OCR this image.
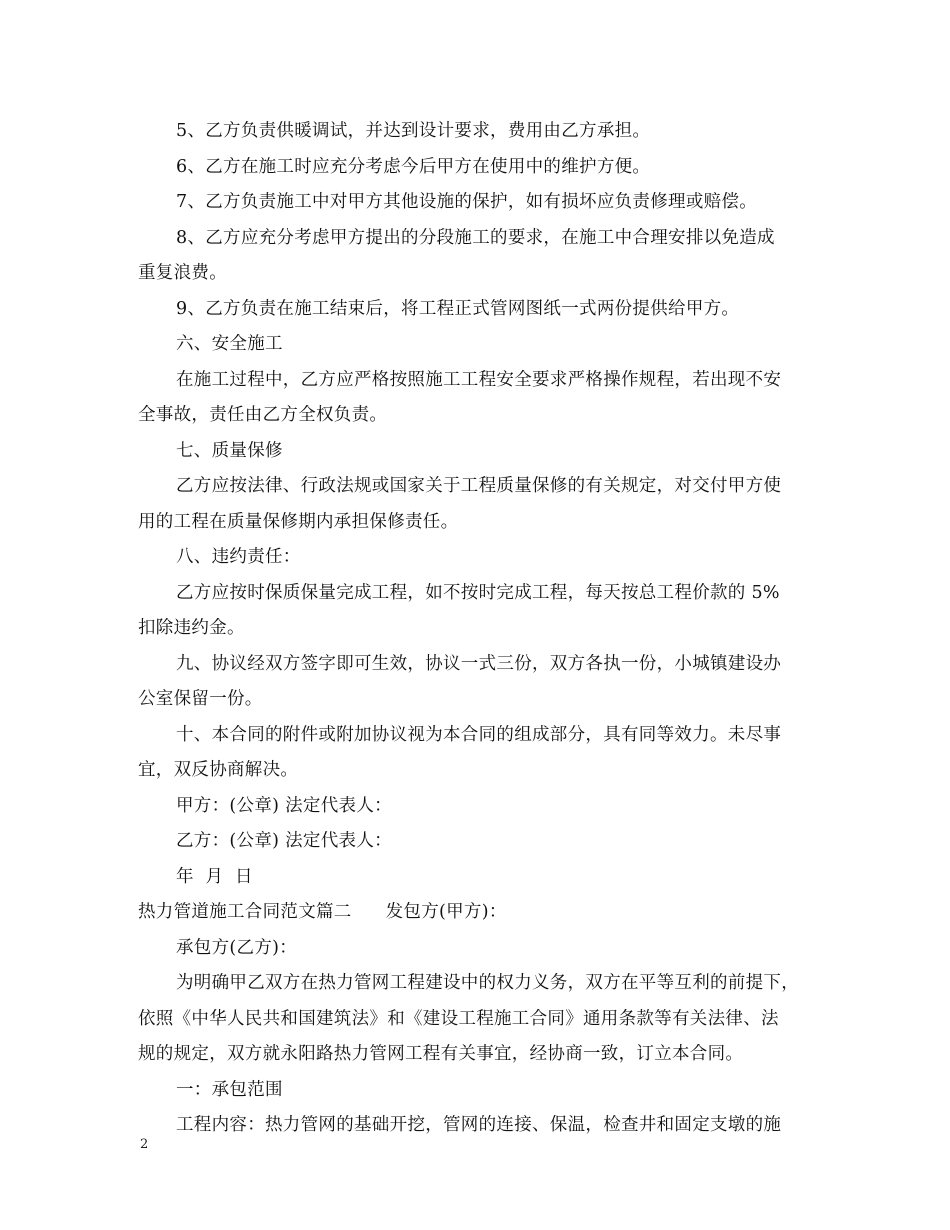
5、乙方负责供暖调试，并达到设计要求，费用由乙方承担。
6、乙方在施工时应充分考虑今后甲方在使用中的维护方便。
7、乙方负责施工中对甲方其他设施的保护，如有损坏应负责修理或赔偿。
8、乙方应充分考虑甲方提出的分段施工的要求，在施工中合理安排以免造成
重复浪费。
9、乙方负责在施工结束后，将工程正式管网图纸一式两份提供给甲方。
六、安全施工
在施工过程中，乙方应严格按照施工工程安全要求严格操作规程，若出现不安
全事故，责任由乙方全权负责。
七、质量保修
乙方应按法律、行政法规或国家关于工程质量保修的有关规定，对交付甲方使
用的工程在质量保修期内承担保修责任。
八、违约责任：
乙方应按时保质保量完成工程，如不按时完成工程，每天按总工程价款的 5%
扣除违约金。
九、协议经双方签字即可生效，协议一式三份，双方各执一份，小城镇建设办
公室保留一份。
十、本合同的附件或附加协议视为本合同的组成部分，具有同等效力。未尽事
宜，双反协商解决。
甲方：(公章) 法定代表人：
乙方：(公章) 法定代表人：
年  月  日
热力管道施工合同范文篇二 发包方(甲方)：
承包方(乙方)：
为明确甲乙双方在热力管网工程建设中的权力义务，双方在平等互利的前提下，
依照《中华人民共和国建筑法》和《建设工程施工合同》通用条款等有关法律、法
规的规定，双方就永阳路热力管网工程有关事宜，经协商一致，订立本合同。
一：承包范围
工程内容：热力管网的基础开挖，管网的连接、保温，检查井和固定支墩的施
2
